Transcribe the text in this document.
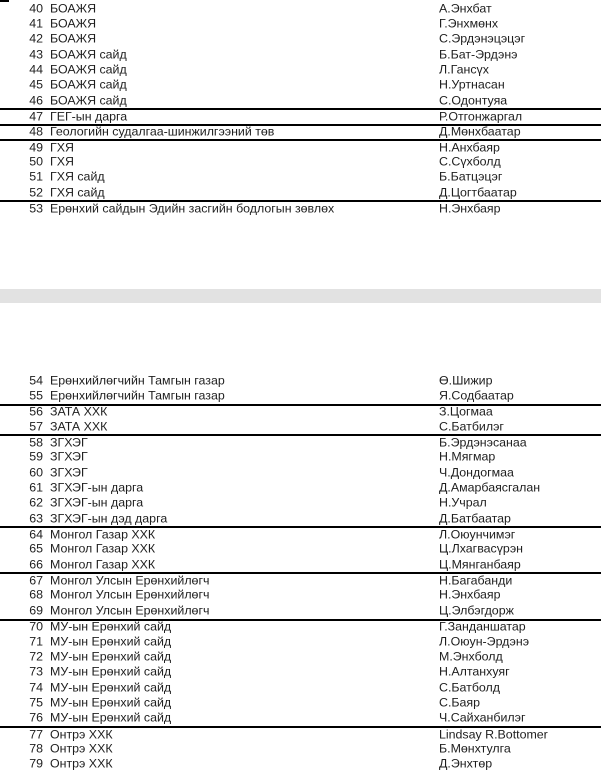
40 БОАЖЯ	А.Энхбат
41 БОАЖЯ	Г.Энхмөнх
42 БОАЖЯ	С.Эрдэнэцэцэг
43 БОАЖЯ сайд	Б.Бат-Эрдэнэ
44 БОАЖЯ сайд	Л.Гансүх
45 БОАЖЯ сайд	Н.Уртнасан
46 БОАЖЯ сайд	С.Одонтуяа
47 ГЕГ-ын дарга	Р.Отгонжаргал
48 Геологийн судалгаа-шинжилгээний төв	Д.Мөнхбаатар
49 ГХЯ	Н.Анхбаяр
50 ГХЯ	С.Сүхболд
51 ГХЯ сайд	Б.Батцэцэг
52 ГХЯ сайд	Д.Цогтбаатар
53 Ерөнхий сайдын Эдийн засгийн бодлогын зөвлөх	Н.Энхбаяр
54 Ерөнхийлөгчийн Тамгын газар	Ө.Шижир
55 Ерөнхийлөгчийн Тамгын газар	Я.Содбаатар
56 ЗАТА ХХК	З.Цогмаа
57 ЗАТА ХХК	С.Батбилэг
58 ЗГХЭГ	Б.Эрдэнэсанаа
59 ЗГХЭГ	Н.Мягмар
60 ЗГХЭГ	Ч.Дондогмаа
61 ЗГХЭГ-ын дарга	Д.Амарбаясгалан
62 ЗГХЭГ-ын дарга	Н.Учрал
63 ЗГХЭГ-ын дэд дарга	Д.Батбаатар
64 Монгол Газар ХХК	Л.Оюунчимэг
65 Монгол Газар ХХК	Ц.Лхагвасүрэн
66 Монгол Газар ХХК	Ц.Мянганбаяр
67 Монгол Улсын Ерөнхийлөгч	Н.Багабанди
68 Монгол Улсын Ерөнхийлөгч	Н.Энхбаяр
69 Монгол Улсын Ерөнхийлөгч	Ц.Элбэгдорж
70 МУ-ын Ерөнхий сайд	Г.Занданшатар
71 МУ-ын Ерөнхий сайд	Л.Оюун-Эрдэнэ
72 МУ-ын Ерөнхий сайд	М.Энхболд
73 МУ-ын Ерөнхий сайд	Н.Алтанхуяг
74 МУ-ын Ерөнхий сайд	С.Батболд
75 МУ-ын Ерөнхий сайд	С.Баяр
76 МУ-ын Ерөнхий сайд	Ч.Сайханбилэг
77 Онтрэ ХХК	Lindsay R.Bottomer
78 Онтрэ ХХК	Б.Мөнхтулга
79 Онтрэ ХХК	Д.Энхтөр
